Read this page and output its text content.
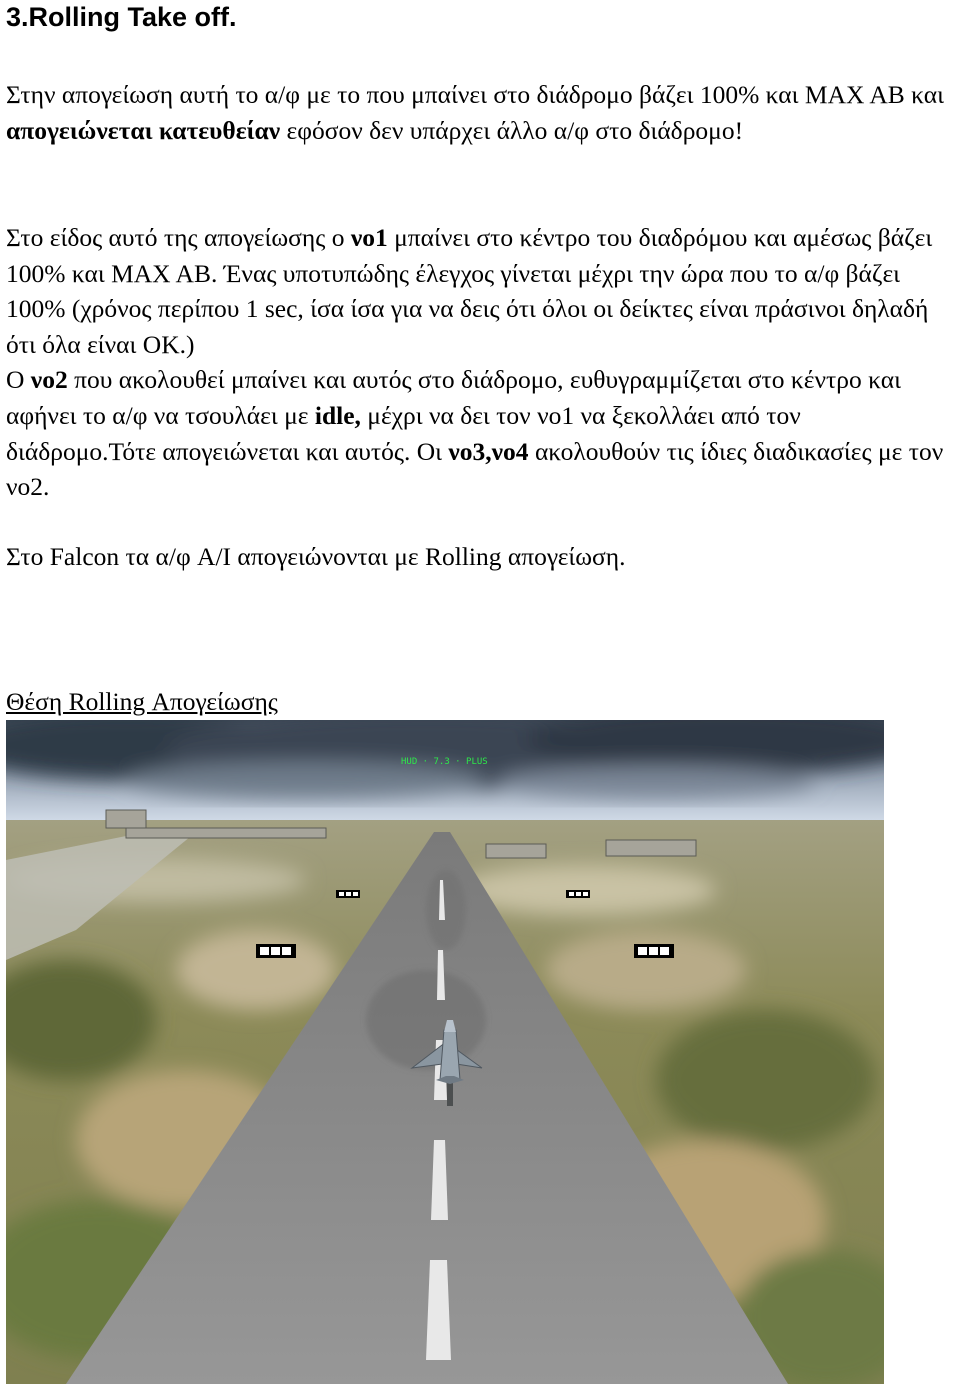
3.Rolling Take off.

Στην απογείωση αυτή το α/φ με το που μπαίνει στο διάδρομο βάζει 100% και ΜΑΧ ΑΒ και απογειώνεται κατευθείαν εφόσον δεν υπάρχει άλλο α/φ στο διάδρομο!

Στο είδος αυτό της απογείωσης ο νο1 μπαίνει στο κέντρο του διαδρόμου και αμέσως βάζει 100% και ΜΑΧ ΑΒ. Ένας υποτυπώδης έλεγχος γίνεται μέχρι την ώρα που το α/φ βάζει 100% (χρόνος περίπου 1 sec, ίσα ίσα για να δεις ότι όλοι οι δείκτες είναι πράσινοι δηλαδή ότι όλα είναι ΟΚ.)
Ο νο2 που ακολουθεί μπαίνει και αυτός στο διάδρομο, ευθυγραμμίζεται στο κέντρο και αφήνει το α/φ να τσουλάει με idle, μέχρι να δει τον νο1 να ξεκολλάει από τον διάδρομο.Τότε απογειώνεται και αυτός. Οι νο3,νο4 ακολουθούν τις ίδιες διαδικασίες με τον νο2.

Στο Falcon τα α/φ A/I απογειώνονται με Rolling απογείωση.

Θέση Rolling Απογείωσης

HUD · 7.3 · PLUS
